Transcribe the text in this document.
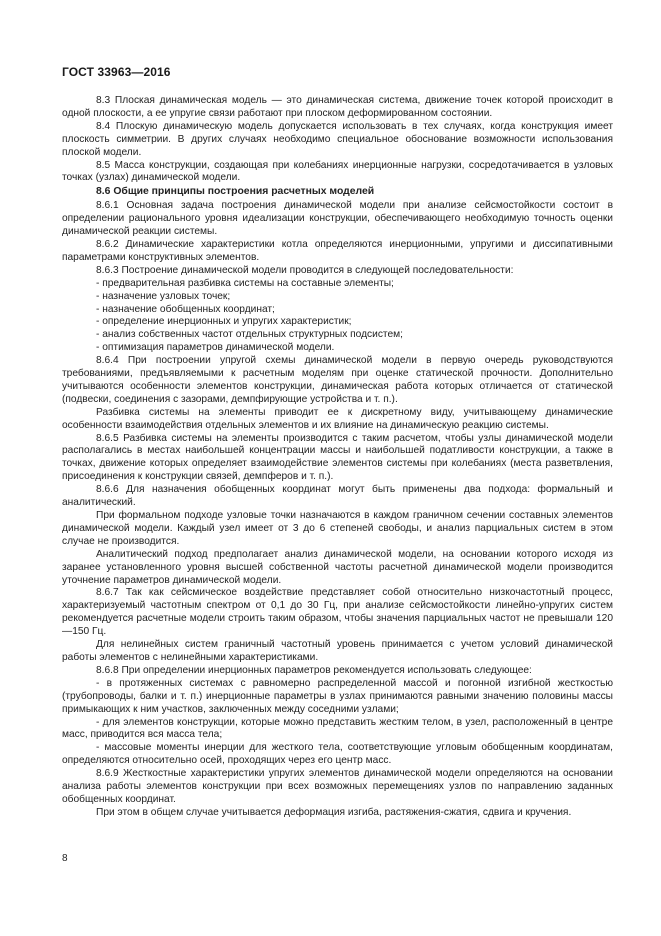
ГОСТ 33963—2016

8.3 Плоская динамическая модель — это динамическая система, движение точек которой происходит в одной плоскости, а ее упругие связи работают при плоском деформированном состоянии.

8.4 Плоскую динамическую модель допускается использовать в тех случаях, когда конструкция имеет плоскость симметрии. В других случаях необходимо специальное обоснование возможности использования плоской модели.

8.5 Масса конструкции, создающая при колебаниях инерционные нагрузки, сосредотачивается в узловых точках (узлах) динамической модели.

8.6 Общие принципы построения расчетных моделей

8.6.1 Основная задача построения динамической модели при анализе сейсмостойкости состоит в определении рационального уровня идеализации конструкции, обеспечивающего необходимую точность оценки динамической реакции системы.

8.6.2 Динамические характеристики котла определяются инерционными, упругими и диссипативными параметрами конструктивных элементов.

8.6.3 Построение динамической модели проводится в следующей последовательности:

- предварительная разбивка системы на составные элементы;

- назначение узловых точек;

- назначение обобщенных координат;

- определение инерционных и упругих характеристик;

- анализ собственных частот отдельных структурных подсистем;

- оптимизация параметров динамической модели.

8.6.4 При построении упругой схемы динамической модели в первую очередь руководствуются требованиями, предъявляемыми к расчетным моделям при оценке статической прочности. Дополнительно учитываются особенности элементов конструкции, динамическая работа которых отличается от статической (подвески, соединения с зазорами, демпфирующие устройства и т. п.).

Разбивка системы на элементы приводит ее к дискретному виду, учитывающему динамические особенности взаимодействия отдельных элементов и их влияние на динамическую реакцию системы.

8.6.5 Разбивка системы на элементы производится с таким расчетом, чтобы узлы динамической модели располагались в местах наибольшей концентрации массы и наибольшей податливости конструкции, а также в точках, движение которых определяет взаимодействие элементов системы при колебаниях (места разветвления, присоединения к конструкции связей, демпферов и т. п.).

8.6.6 Для назначения обобщенных координат могут быть применены два подхода: формальный и аналитический.

При формальном подходе узловые точки назначаются в каждом граничном сечении составных элементов динамической модели. Каждый узел имеет от 3 до 6 степеней свободы, и анализ парциальных систем в этом случае не производится.

Аналитический подход предполагает анализ динамической модели, на основании которого исходя из заранее установленного уровня высшей собственной частоты расчетной динамической модели производится уточнение параметров динамической модели.

8.6.7 Так как сейсмическое воздействие представляет собой относительно низкочастотный процесс, характеризуемый частотным спектром от 0,1 до 30 Гц, при анализе сейсмостойкости линейно-упругих систем рекомендуется расчетные модели строить таким образом, чтобы значения парциальных частот не превышали 120—150 Гц.

Для нелинейных систем граничный частотный уровень принимается с учетом условий динамической работы элементов с нелинейными характеристиками.

8.6.8 При определении инерционных параметров рекомендуется использовать следующее:

- в протяженных системах с равномерно распределенной массой и погонной изгибной жесткостью (трубопроводы, балки и т. п.) инерционные параметры в узлах принимаются равными значению половины массы примыкающих к ним участков, заключенных между соседними узлами;

- для элементов конструкции, которые можно представить жестким телом, в узел, расположенный в центре масс, приводится вся масса тела;

- массовые моменты инерции для жесткого тела, соответствующие угловым обобщенным координатам, определяются относительно осей, проходящих через его центр масс.

8.6.9 Жесткостные характеристики упругих элементов динамической модели определяются на основании анализа работы элементов конструкции при всех возможных перемещениях узлов по направлению заданных обобщенных координат.

При этом в общем случае учитывается деформация изгиба, растяжения-сжатия, сдвига и кручения.

8
